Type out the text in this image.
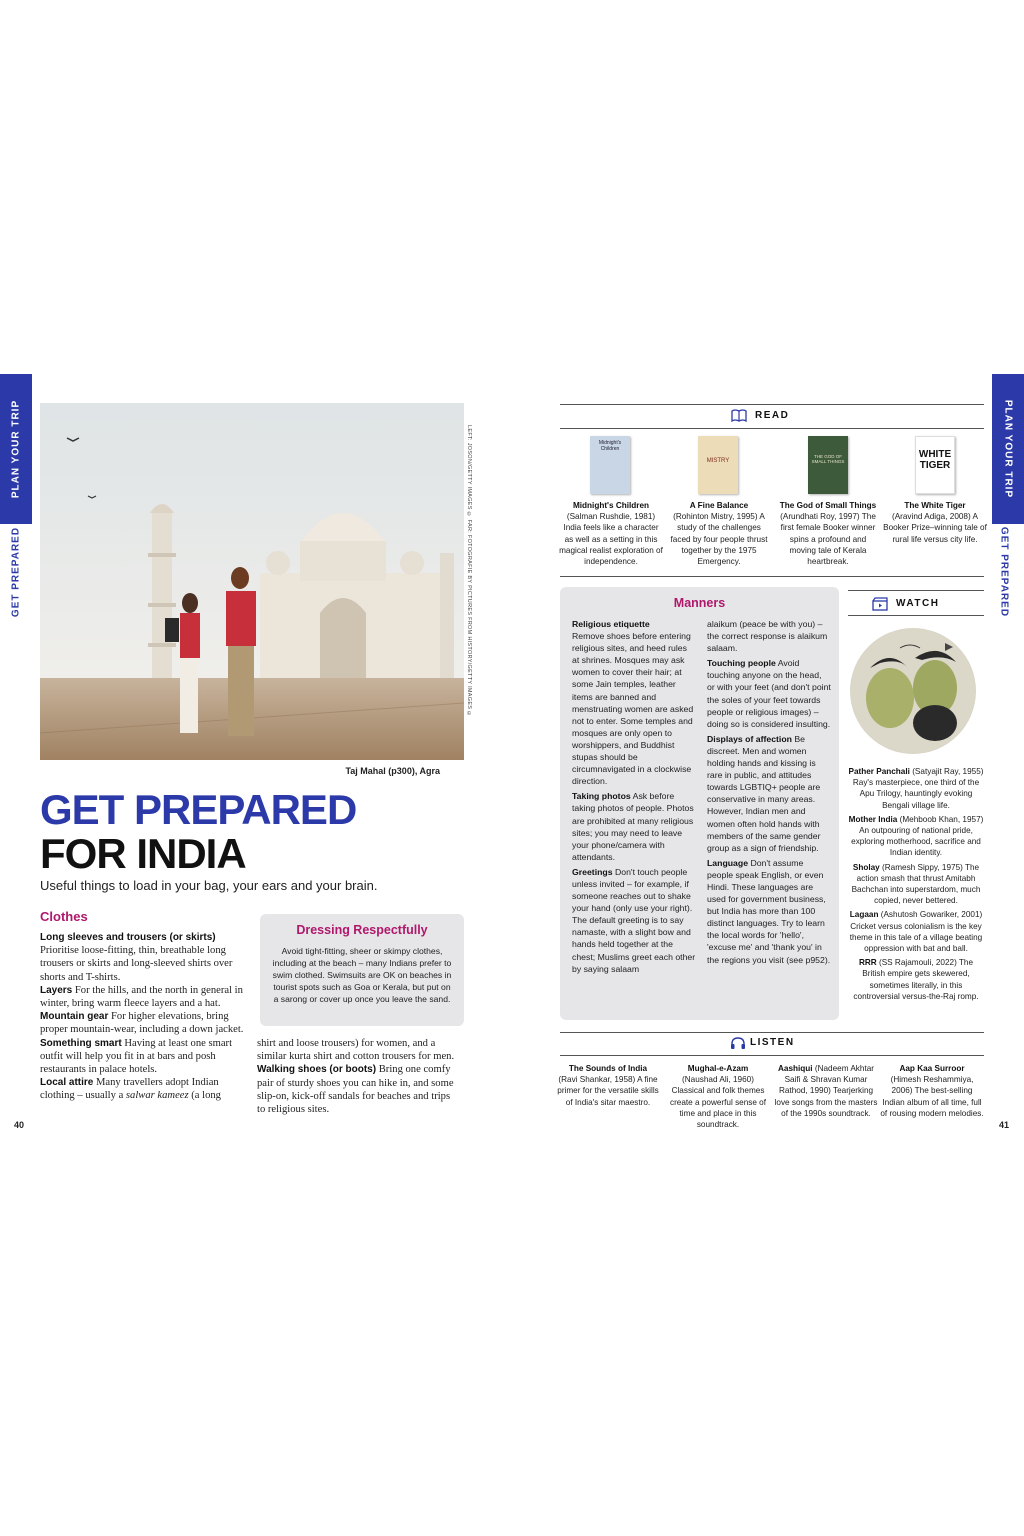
PLAN YOUR TRIP
GET PREPARED
PLAN YOUR TRIP
GET PREPARED
LEFT: JOSON/GETTY IMAGES © FAR: FOTOGRAFIE BY PICTURES FROM HISTORY/GETTY IMAGES ©
Taj Mahal (p300), Agra
GET PREPARED
FOR INDIA
Useful things to load in your bag, your ears and your brain.
Clothes
Long sleeves and trousers (or skirts)
Prioritise loose-fitting, thin, breathable long trousers or skirts and long-sleeved shirts over shorts and T-shirts.
Layers For the hills, and the north in general in winter, bring warm fleece layers and a hat.
Mountain gear For higher elevations, bring proper mountain-wear, including a down jacket.
Something smart Having at least one smart outfit will help you fit in at bars and posh restaurants in palace hotels.
Local attire Many travellers adopt Indian clothing – usually a salwar kameez (a long
Dressing Respectfully
Avoid tight-fitting, sheer or skimpy clothes, including at the beach – many Indians prefer to swim clothed. Swimsuits are OK on beaches in tourist spots such as Goa or Kerala, but put on a sarong or cover up once you leave the sand.
shirt and loose trousers) for women, and a similar kurta shirt and cotton trousers for men.
Walking shoes (or boots) Bring one comfy pair of sturdy shoes you can hike in, and some slip-on, kick-off sandals for beaches and trips to religious sites.
40	41
READ
Midnight's Children
MISTRY
THE GOD OF SMALL THINGS
WHITE TIGER
Midnight's Children
(Salman Rushdie, 1981) India feels like a character as well as a setting in this magical realist exploration of independence.
A Fine Balance
(Rohinton Mistry, 1995) A study of the challenges faced by four people thrust together by the 1975 Emergency.
The God of Small Things (Arundhati Roy, 1997) The first female Booker winner spins a profound and moving tale of Kerala heartbreak.
The White Tiger
(Aravind Adiga, 2008) A Booker Prize–winning tale of rural life versus city life.
Manners
Religious etiquette
Remove shoes before entering religious sites, and heed rules at shrines. Mosques may ask women to cover their hair; at some Jain temples, leather items are banned and menstruating women are asked not to enter. Some temples and mosques are only open to worshippers, and Buddhist stupas should be circumnavigated in a clockwise direction.
Taking photos Ask before taking photos of people. Photos are prohibited at many religious sites; you may need to leave your phone/camera with attendants.
Greetings Don't touch people unless invited – for example, if someone reaches out to shake your hand (only use your right). The default greeting is to say namaste, with a slight bow and hands held together at the chest; Muslims greet each other by saying salaam
alaikum (peace be with you) – the correct response is alaikum salaam.
Touching people Avoid touching anyone on the head, or with your feet (and don't point the soles of your feet towards people or religious images) – doing so is considered insulting.
Displays of affection Be discreet. Men and women holding hands and kissing is rare in public, and attitudes towards LGBTIQ+ people are conservative in many areas. However, Indian men and women often hold hands with members of the same gender group as a sign of friendship.
Language Don't assume people speak English, or even Hindi. These languages are used for government business, but India has more than 100 distinct languages. Try to learn the local words for 'hello', 'excuse me' and 'thank you' in the regions you visit (see p952).
WATCH

Pather Panchali (Satyajit Ray, 1955) Ray's masterpiece, one third of the Apu Trilogy, hauntingly evoking Bengali village life.

Mother India (Mehboob Khan, 1957) An outpouring of national pride, exploring motherhood, sacrifice and Indian identity.

Sholay (Ramesh Sippy, 1975) The action smash that thrust Amitabh Bachchan into superstardom, much copied, never bettered.

Lagaan (Ashutosh Gowariker, 2001) Cricket versus colonialism is the key theme in this tale of a village beating oppression with bat and ball.

RRR (SS Rajamouli, 2022) The British empire gets skewered, sometimes literally, in this controversial versus-the-Raj romp.

LISTEN
The Sounds of India
(Ravi Shankar, 1958) A fine primer for the versatile skills of India's sitar maestro.
Mughal-e-Azam
(Naushad Ali, 1960) Classical and folk themes create a powerful sense of time and place in this soundtrack.
Aashiqui (Nadeem Akhtar Saifi & Shravan Kumar Rathod, 1990) Tearjerking love songs from the masters of the 1990s soundtrack.
Aap Kaa Surroor
(Himesh Reshammiya, 2006) The best-selling Indian album of all time, full of rousing modern melodies.
